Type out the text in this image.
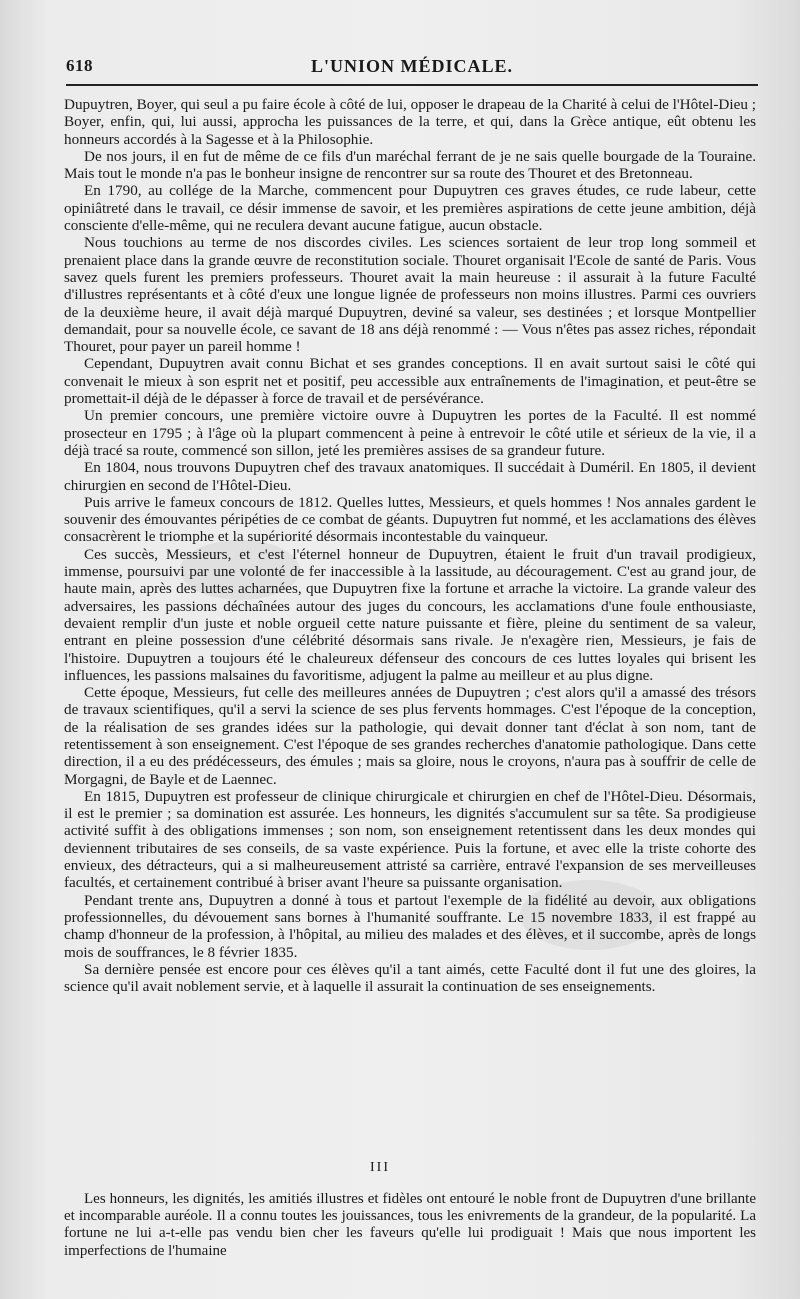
618	L'UNION MÉDICALE.

Dupuytren, Boyer, qui seul a pu faire école à côté de lui, opposer le drapeau de la Charité à celui de l'Hôtel-Dieu ; Boyer, enfin, qui, lui aussi, approcha les puissances de la terre, et qui, dans la Grèce antique, eût obtenu les honneurs accordés à la Sagesse et à la Philosophie.

De nos jours, il en fut de même de ce fils d'un maréchal ferrant de je ne sais quelle bourgade de la Touraine. Mais tout le monde n'a pas le bonheur insigne de rencontrer sur sa route des Thouret et des Bretonneau.

En 1790, au collége de la Marche, commencent pour Dupuytren ces graves études, ce rude labeur, cette opiniâtreté dans le travail, ce désir immense de savoir, et les premières aspirations de cette jeune ambition, déjà consciente d'elle-même, qui ne reculera devant aucune fatigue, aucun obstacle.

Nous touchions au terme de nos discordes civiles. Les sciences sortaient de leur trop long sommeil et prenaient place dans la grande œuvre de reconstitution sociale. Thouret organisait l'Ecole de santé de Paris. Vous savez quels furent les premiers professeurs. Thouret avait la main heureuse : il assurait à la future Faculté d'illustres représentants et à côté d'eux une longue lignée de professeurs non moins illustres. Parmi ces ouvriers de la deuxième heure, il avait déjà marqué Dupuytren, deviné sa valeur, ses destinées ; et lorsque Montpellier demandait, pour sa nouvelle école, ce savant de 18 ans déjà renommé : — Vous n'êtes pas assez riches, répondait Thouret, pour payer un pareil homme !

Cependant, Dupuytren avait connu Bichat et ses grandes conceptions. Il en avait surtout saisi le côté qui convenait le mieux à son esprit net et positif, peu accessible aux entraînements de l'imagination, et peut-être se promettait-il déjà de le dépasser à force de travail et de persévérance.

Un premier concours, une première victoire ouvre à Dupuytren les portes de la Faculté. Il est nommé prosecteur en 1795 ; à l'âge où la plupart commencent à peine à entrevoir le côté utile et sérieux de la vie, il a déjà tracé sa route, commencé son sillon, jeté les premières assises de sa grandeur future.

En 1804, nous trouvons Dupuytren chef des travaux anatomiques. Il succédait à Duméril. En 1805, il devient chirurgien en second de l'Hôtel-Dieu.

Puis arrive le fameux concours de 1812. Quelles luttes, Messieurs, et quels hommes ! Nos annales gardent le souvenir des émouvantes péripéties de ce combat de géants. Dupuytren fut nommé, et les acclamations des élèves consacrèrent le triomphe et la supériorité désormais incontestable du vainqueur.

Ces succès, Messieurs, et c'est l'éternel honneur de Dupuytren, étaient le fruit d'un travail prodigieux, immense, poursuivi par une volonté de fer inaccessible à la lassitude, au découragement. C'est au grand jour, de haute main, après des luttes acharnées, que Dupuytren fixe la fortune et arrache la victoire. La grande valeur des adversaires, les passions déchaînées autour des juges du concours, les acclamations d'une foule enthousiaste, devaient remplir d'un juste et noble orgueil cette nature puissante et fière, pleine du sentiment de sa valeur, entrant en pleine possession d'une célébrité désormais sans rivale. Je n'exagère rien, Messieurs, je fais de l'histoire. Dupuytren a toujours été le chaleureux défenseur des concours de ces luttes loyales qui brisent les influences, les passions malsaines du favoritisme, adjugent la palme au meilleur et au plus digne.

Cette époque, Messieurs, fut celle des meilleures années de Dupuytren ; c'est alors qu'il a amassé des trésors de travaux scientifiques, qu'il a servi la science de ses plus fervents hommages. C'est l'époque de la conception, de la réalisation de ses grandes idées sur la pathologie, qui devait donner tant d'éclat à son nom, tant de retentissement à son enseignement. C'est l'époque de ses grandes recherches d'anatomie pathologique. Dans cette direction, il a eu des prédécesseurs, des émules ; mais sa gloire, nous le croyons, n'aura pas à souffrir de celle de Morgagni, de Bayle et de Laennec.

En 1815, Dupuytren est professeur de clinique chirurgicale et chirurgien en chef de l'Hôtel-Dieu. Désormais, il est le premier ; sa domination est assurée. Les honneurs, les dignités s'accumulent sur sa tête. Sa prodigieuse activité suffit à des obligations immenses ; son nom, son enseignement retentissent dans les deux mondes qui deviennent tributaires de ses conseils, de sa vaste expérience. Puis la fortune, et avec elle la triste cohorte des envieux, des détracteurs, qui a si malheureusement attristé sa carrière, entravé l'expansion de ses merveilleuses facultés, et certainement contribué à briser avant l'heure sa puissante organisation.

Pendant trente ans, Dupuytren a donné à tous et partout l'exemple de la fidélité au devoir, aux obligations professionnelles, du dévouement sans bornes à l'humanité souffrante. Le 15 novembre 1833, il est frappé au champ d'honneur de la profession, à l'hôpital, au milieu des malades et des élèves, et il succombe, après de longs mois de souffrances, le 8 février 1835.

Sa dernière pensée est encore pour ces élèves qu'il a tant aimés, cette Faculté dont il fut une des gloires, la science qu'il avait noblement servie, et à laquelle il assurait la continuation de ses enseignements.

III

Les honneurs, les dignités, les amitiés illustres et fidèles ont entouré le noble front de Dupuytren d'une brillante et incomparable auréole. Il a connu toutes les jouissances, tous les enivrements de la grandeur, de la popularité. La fortune ne lui a-t-elle pas vendu bien cher les faveurs qu'elle lui prodiguait ! Mais que nous importent les imperfections de l'humaine
